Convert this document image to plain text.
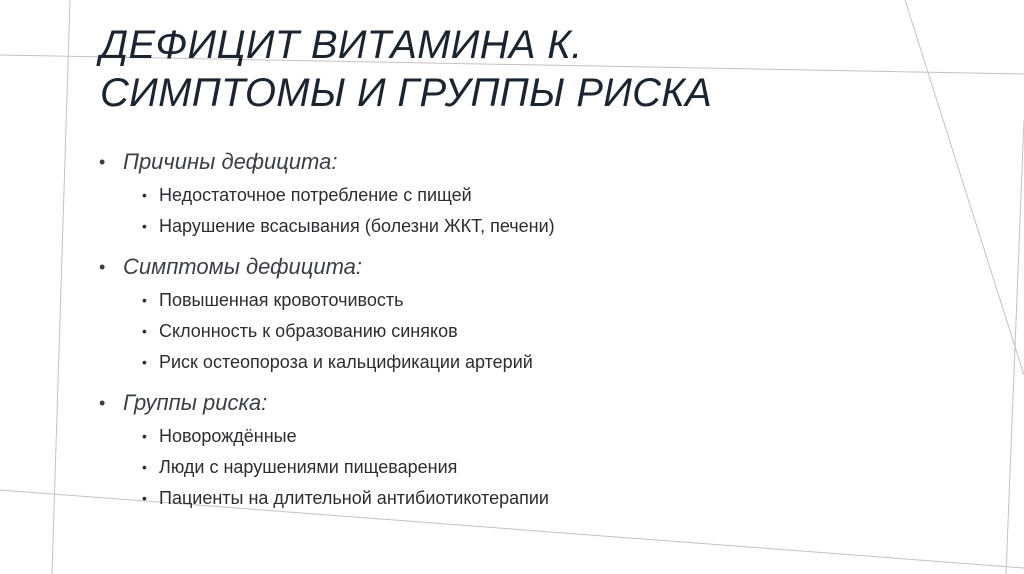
ДЕФИЦИТ ВИТАМИНА К.
СИМПТОМЫ И ГРУППЫ РИСКА
• Причины дефицита:
• Недостаточное потребление с пищей
• Нарушение всасывания (болезни ЖКТ, печени)
• Симптомы дефицита:
• Повышенная кровоточивость
• Склонность к образованию синяков
• Риск остеопороза и кальцификации артерий
• Группы риска:
• Новорождённые
• Люди с нарушениями пищеварения
• Пациенты на длительной антибиотикотерапии
